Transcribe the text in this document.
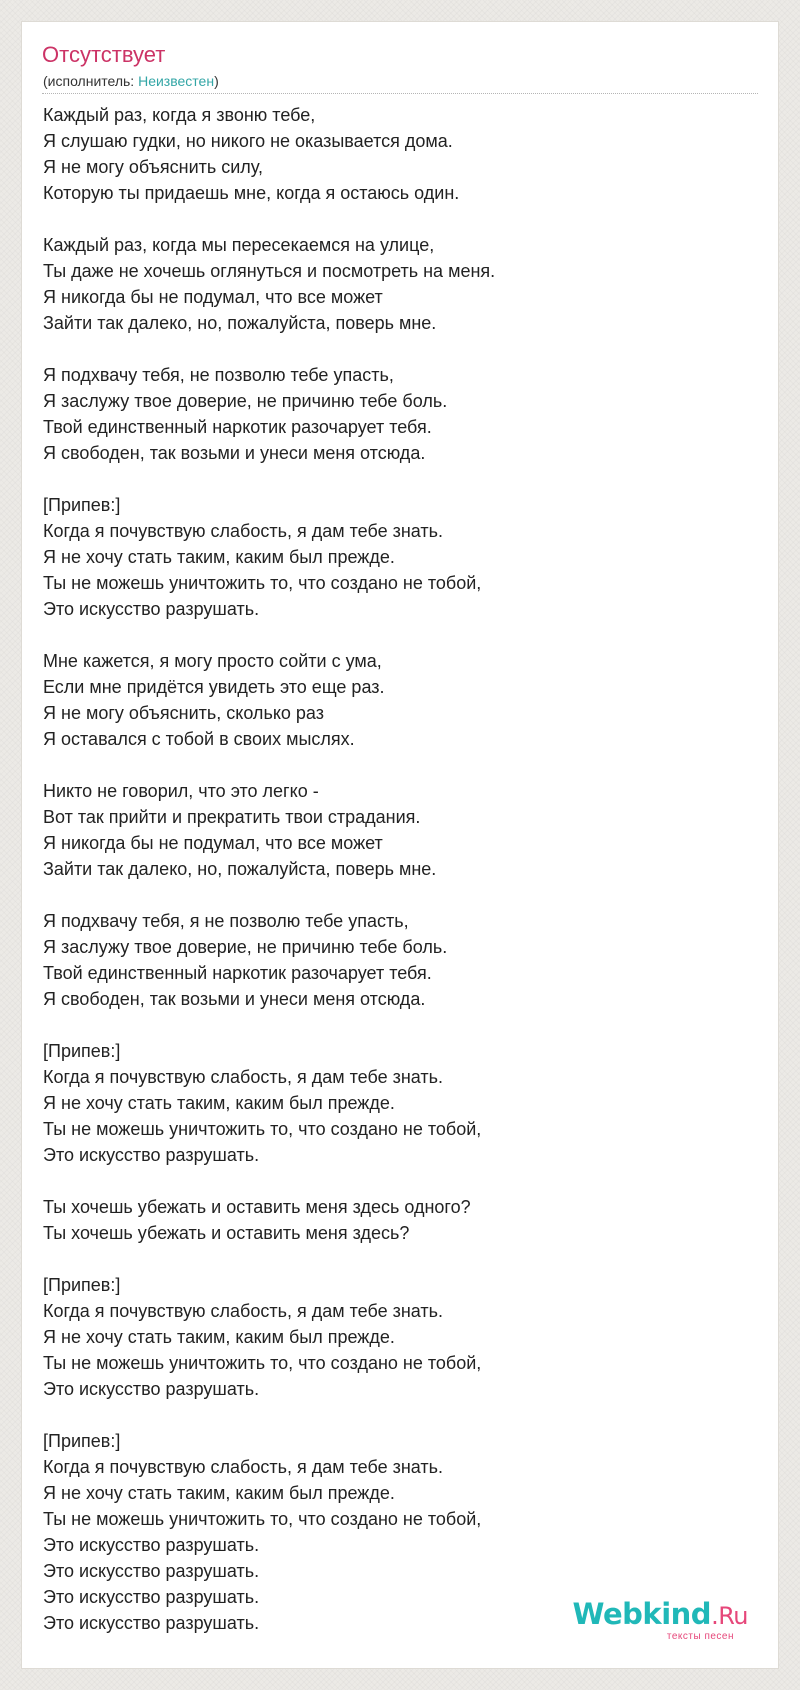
Отсутствует
(исполнитель: Неизвестен)
Каждый раз, когда я звоню тебе,
Я слушаю гудки, но никого не оказывается дома.
Я не могу объяснить силу,
Которую ты придаешь мне, когда я остаюсь один.

Каждый раз, когда мы пересекаемся на улице,
Ты даже не хочешь оглянуться и посмотреть на меня.
Я никогда бы не подумал, что все может
Зайти так далеко, но, пожалуйста, поверь мне.

Я подхвачу тебя, не позволю тебе упасть,
Я заслужу твое доверие, не причиню тебе боль.
Твой единственный наркотик разочарует тебя.
Я свободен, так возьми и унеси меня отсюда.

[Припев:]
Когда я почувствую слабость, я дам тебе знать.
Я не хочу стать таким, каким был прежде.
Ты не можешь уничтожить то, что создано не тобой,
Это искусство разрушать.

Мне кажется, я могу просто сойти с ума,
Если мне придётся увидеть это еще раз.
Я не могу объяснить, сколько раз
Я оставался с тобой в своих мыслях.

Никто не говорил, что это легко -
Вот так прийти и прекратить твои страдания.
Я никогда бы не подумал, что все может
Зайти так далеко, но, пожалуйста, поверь мне.

Я подхвачу тебя, я не позволю тебе упасть,
Я заслужу твое доверие, не причиню тебе боль.
Твой единственный наркотик разочарует тебя.
Я свободен, так возьми и унеси меня отсюда.

[Припев:]
Когда я почувствую слабость, я дам тебе знать.
Я не хочу стать таким, каким был прежде.
Ты не можешь уничтожить то, что создано не тобой,
Это искусство разрушать.

Ты хочешь убежать и оставить меня здесь одного?
Ты хочешь убежать и оставить меня здесь?

[Припев:]
Когда я почувствую слабость, я дам тебе знать.
Я не хочу стать таким, каким был прежде.
Ты не можешь уничтожить то, что создано не тобой,
Это искусство разрушать.

[Припев:]
Когда я почувствую слабость, я дам тебе знать.
Я не хочу стать таким, каким был прежде.
Ты не можешь уничтожить то, что создано не тобой,
Это искусство разрушать.
Это искусство разрушать.
Это искусство разрушать.
Это искусство разрушать.	Webkind.Ru
тексты песен
